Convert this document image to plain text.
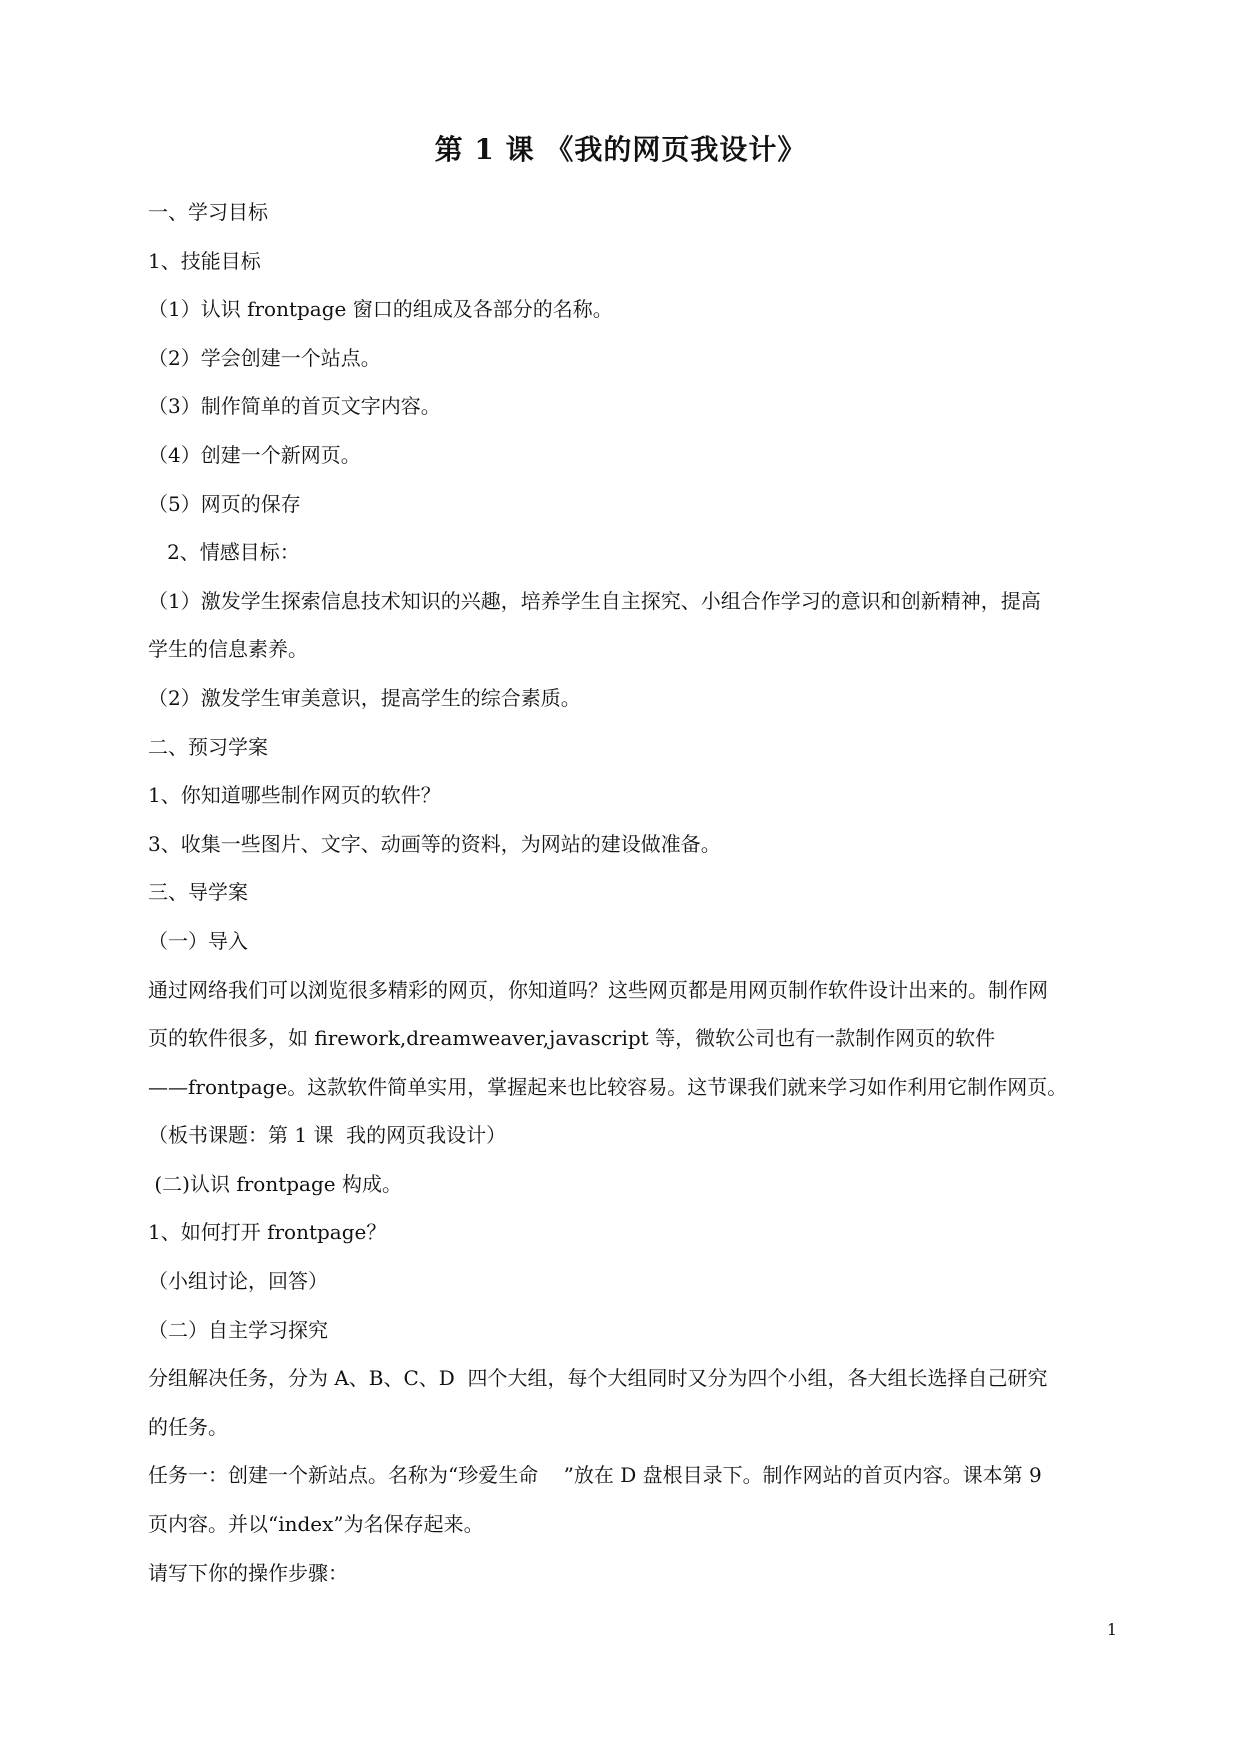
第 1 课 《我的网页我设计》
一、学习目标
1、技能目标
（1）认识 frontpage 窗口的组成及各部分的名称。
（2）学会创建一个站点。
（3）制作简单的首页文字内容。
（4）创建一个新网页。
（5）网页的保存
2、情感目标：
（1）激发学生探索信息技术知识的兴趣，培养学生自主探究、小组合作学习的意识和创新精神，提高
学生的信息素养。
（2）激发学生审美意识，提高学生的综合素质。
二、预习学案
1、你知道哪些制作网页的软件？
3、收集一些图片、文字、动画等的资料，为网站的建设做准备。
三、导学案
（一）导入
通过网络我们可以浏览很多精彩的网页，你知道吗？这些网页都是用网页制作软件设计出来的。制作网
页的软件很多，如 firework,dreamweaver,javascript 等，微软公司也有一款制作网页的软件
——frontpage。这款软件简单实用，掌握起来也比较容易。这节课我们就来学习如作利用它制作网页。
（板书课题：第 1 课  我的网页我设计）
(二)认识 frontpage 构成。
1、如何打开 frontpage？
（小组讨论，回答）
（二）自主学习探究
分组解决任务，分为 A、B、C、D  四个大组，每个大组同时又分为四个小组，各大组长选择自己研究
的任务。
任务一：创建一个新站点。名称为“珍爱生命    ”放在 D 盘根目录下。制作网站的首页内容。课本第 9
页内容。并以“index”为名保存起来。
请写下你的操作步骤：
1
